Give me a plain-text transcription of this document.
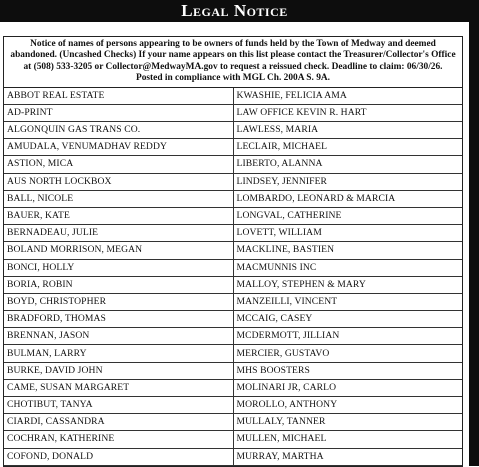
Legal Notice
Notice of names of persons appearing to be owners of funds held by the Town of Medway and deemed abandoned. (Uncashed Checks) If your name appears on this list please contact the Treasurer/Collector's Office at (508) 533-3205 or Collector@MedwayMA.gov to request a reissued check. Deadline to claim: 06/30/26. Posted in compliance with MGL Ch. 200A S. 9A.
ABBOT REAL ESTATE	KWASHIE, FELICIA AMA
AD-PRINT	LAW OFFICE KEVIN R. HART
ALGONQUIN GAS TRANS CO.	LAWLESS, MARIA
AMUDALA, VENUMADHAV REDDY	LECLAIR, MICHAEL
ASTION, MICA	LIBERTO, ALANNA
AUS NORTH LOCKBOX	LINDSEY, JENNIFER
BALL, NICOLE	LOMBARDO, LEONARD & MARCIA
BAUER, KATE	LONGVAL, CATHERINE
BERNADEAU, JULIE	LOVETT, WILLIAM
BOLAND MORRISON, MEGAN	MACKLINE, BASTIEN
BONCI, HOLLY	MACMUNNIS INC
BORIA, ROBIN	MALLOY, STEPHEN & MARY
BOYD, CHRISTOPHER	MANZEILLI, VINCENT
BRADFORD, THOMAS	MCCAIG, CASEY
BRENNAN, JASON	MCDERMOTT, JILLIAN
BULMAN, LARRY	MERCIER, GUSTAVO
BURKE, DAVID JOHN	MHS BOOSTERS
CAME, SUSAN MARGARET	MOLINARI JR, CARLO
CHOTIBUT, TANYA	MOROLLO, ANTHONY
CIARDI, CASSANDRA	MULLALY, TANNER
COCHRAN, KATHERINE	MULLEN, MICHAEL
COFOND, DONALD	MURRAY, MARTHA
